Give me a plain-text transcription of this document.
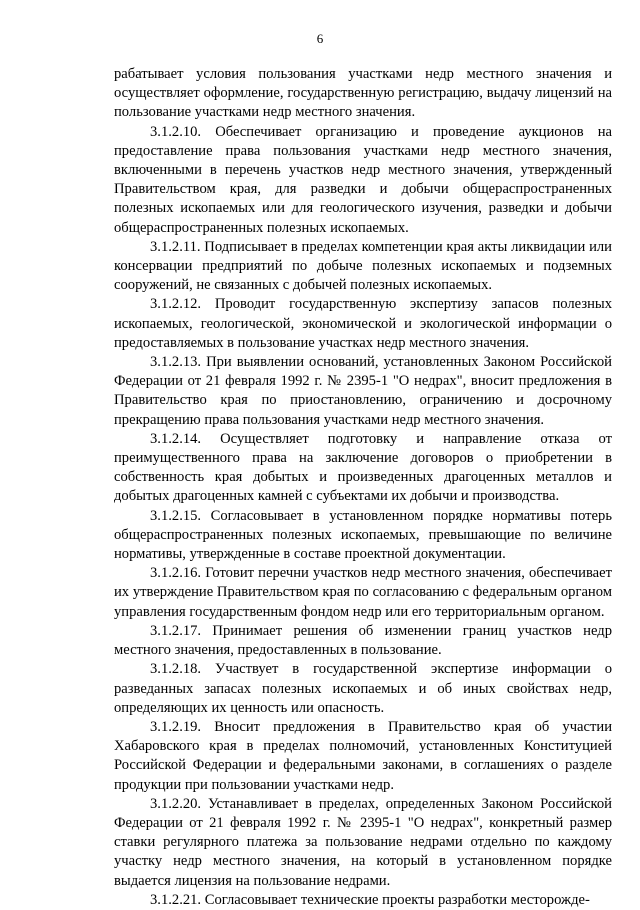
6

рабатывает условия пользования участками недр местного значения и осуществляет оформление, государственную регистрацию, выдачу лицензий на пользование участками недр местного значения.

3.1.2.10. Обеспечивает организацию и проведение аукционов на предоставление права пользования участками недр местного значения, включенными в перечень участков недр местного значения, утвержденный Правительством края, для разведки и добычи общераспространенных полезных ископаемых или для геологического изучения, разведки и добычи общераспространенных полезных ископаемых.

3.1.2.11. Подписывает в пределах компетенции края акты ликвидации или консервации предприятий по добыче полезных ископаемых и подземных сооружений, не связанных с добычей полезных ископаемых.

3.1.2.12. Проводит государственную экспертизу запасов полезных ископаемых, геологической, экономической и экологической информации о предоставляемых в пользование участках недр местного значения.

3.1.2.13. При выявлении оснований, установленных Законом Российской Федерации от 21 февраля 1992 г. № 2395-1 "О недрах", вносит предложения в Правительство края по приостановлению, ограничению и досрочному прекращению права пользования участками недр местного значения.

3.1.2.14. Осуществляет подготовку и направление отказа от преимущественного права на заключение договоров о приобретении в собственность края добытых и произведенных драгоценных металлов и добытых драгоценных камней с субъектами их добычи и производства.

3.1.2.15. Согласовывает в установленном порядке нормативы потерь общераспространенных полезных ископаемых, превышающие по величине нормативы, утвержденные в составе проектной документации.

3.1.2.16. Готовит перечни участков недр местного значения, обеспечивает их утверждение Правительством края по согласованию с федеральным органом управления государственным фондом недр или его территориальным органом.

3.1.2.17. Принимает решения об изменении границ участков недр местного значения, предоставленных в пользование.

3.1.2.18. Участвует в государственной экспертизе информации о разведанных запасах полезных ископаемых и об иных свойствах недр, определяющих их ценность или опасность.

3.1.2.19. Вносит предложения в Правительство края об участии Хабаровского края в пределах полномочий, установленных Конституцией Российской Федерации и федеральными законами, в соглашениях о разделе продукции при пользовании участками недр.

3.1.2.20. Устанавливает в пределах, определенных Законом Российской Федерации от 21 февраля 1992 г. № 2395-1 "О недрах", конкретный размер ставки регулярного платежа за пользование недрами отдельно по каждому участку недр местного значения, на который в установленном порядке выдается лицензия на пользование недрами.

3.1.2.21. Согласовывает технические проекты разработки месторожде-
